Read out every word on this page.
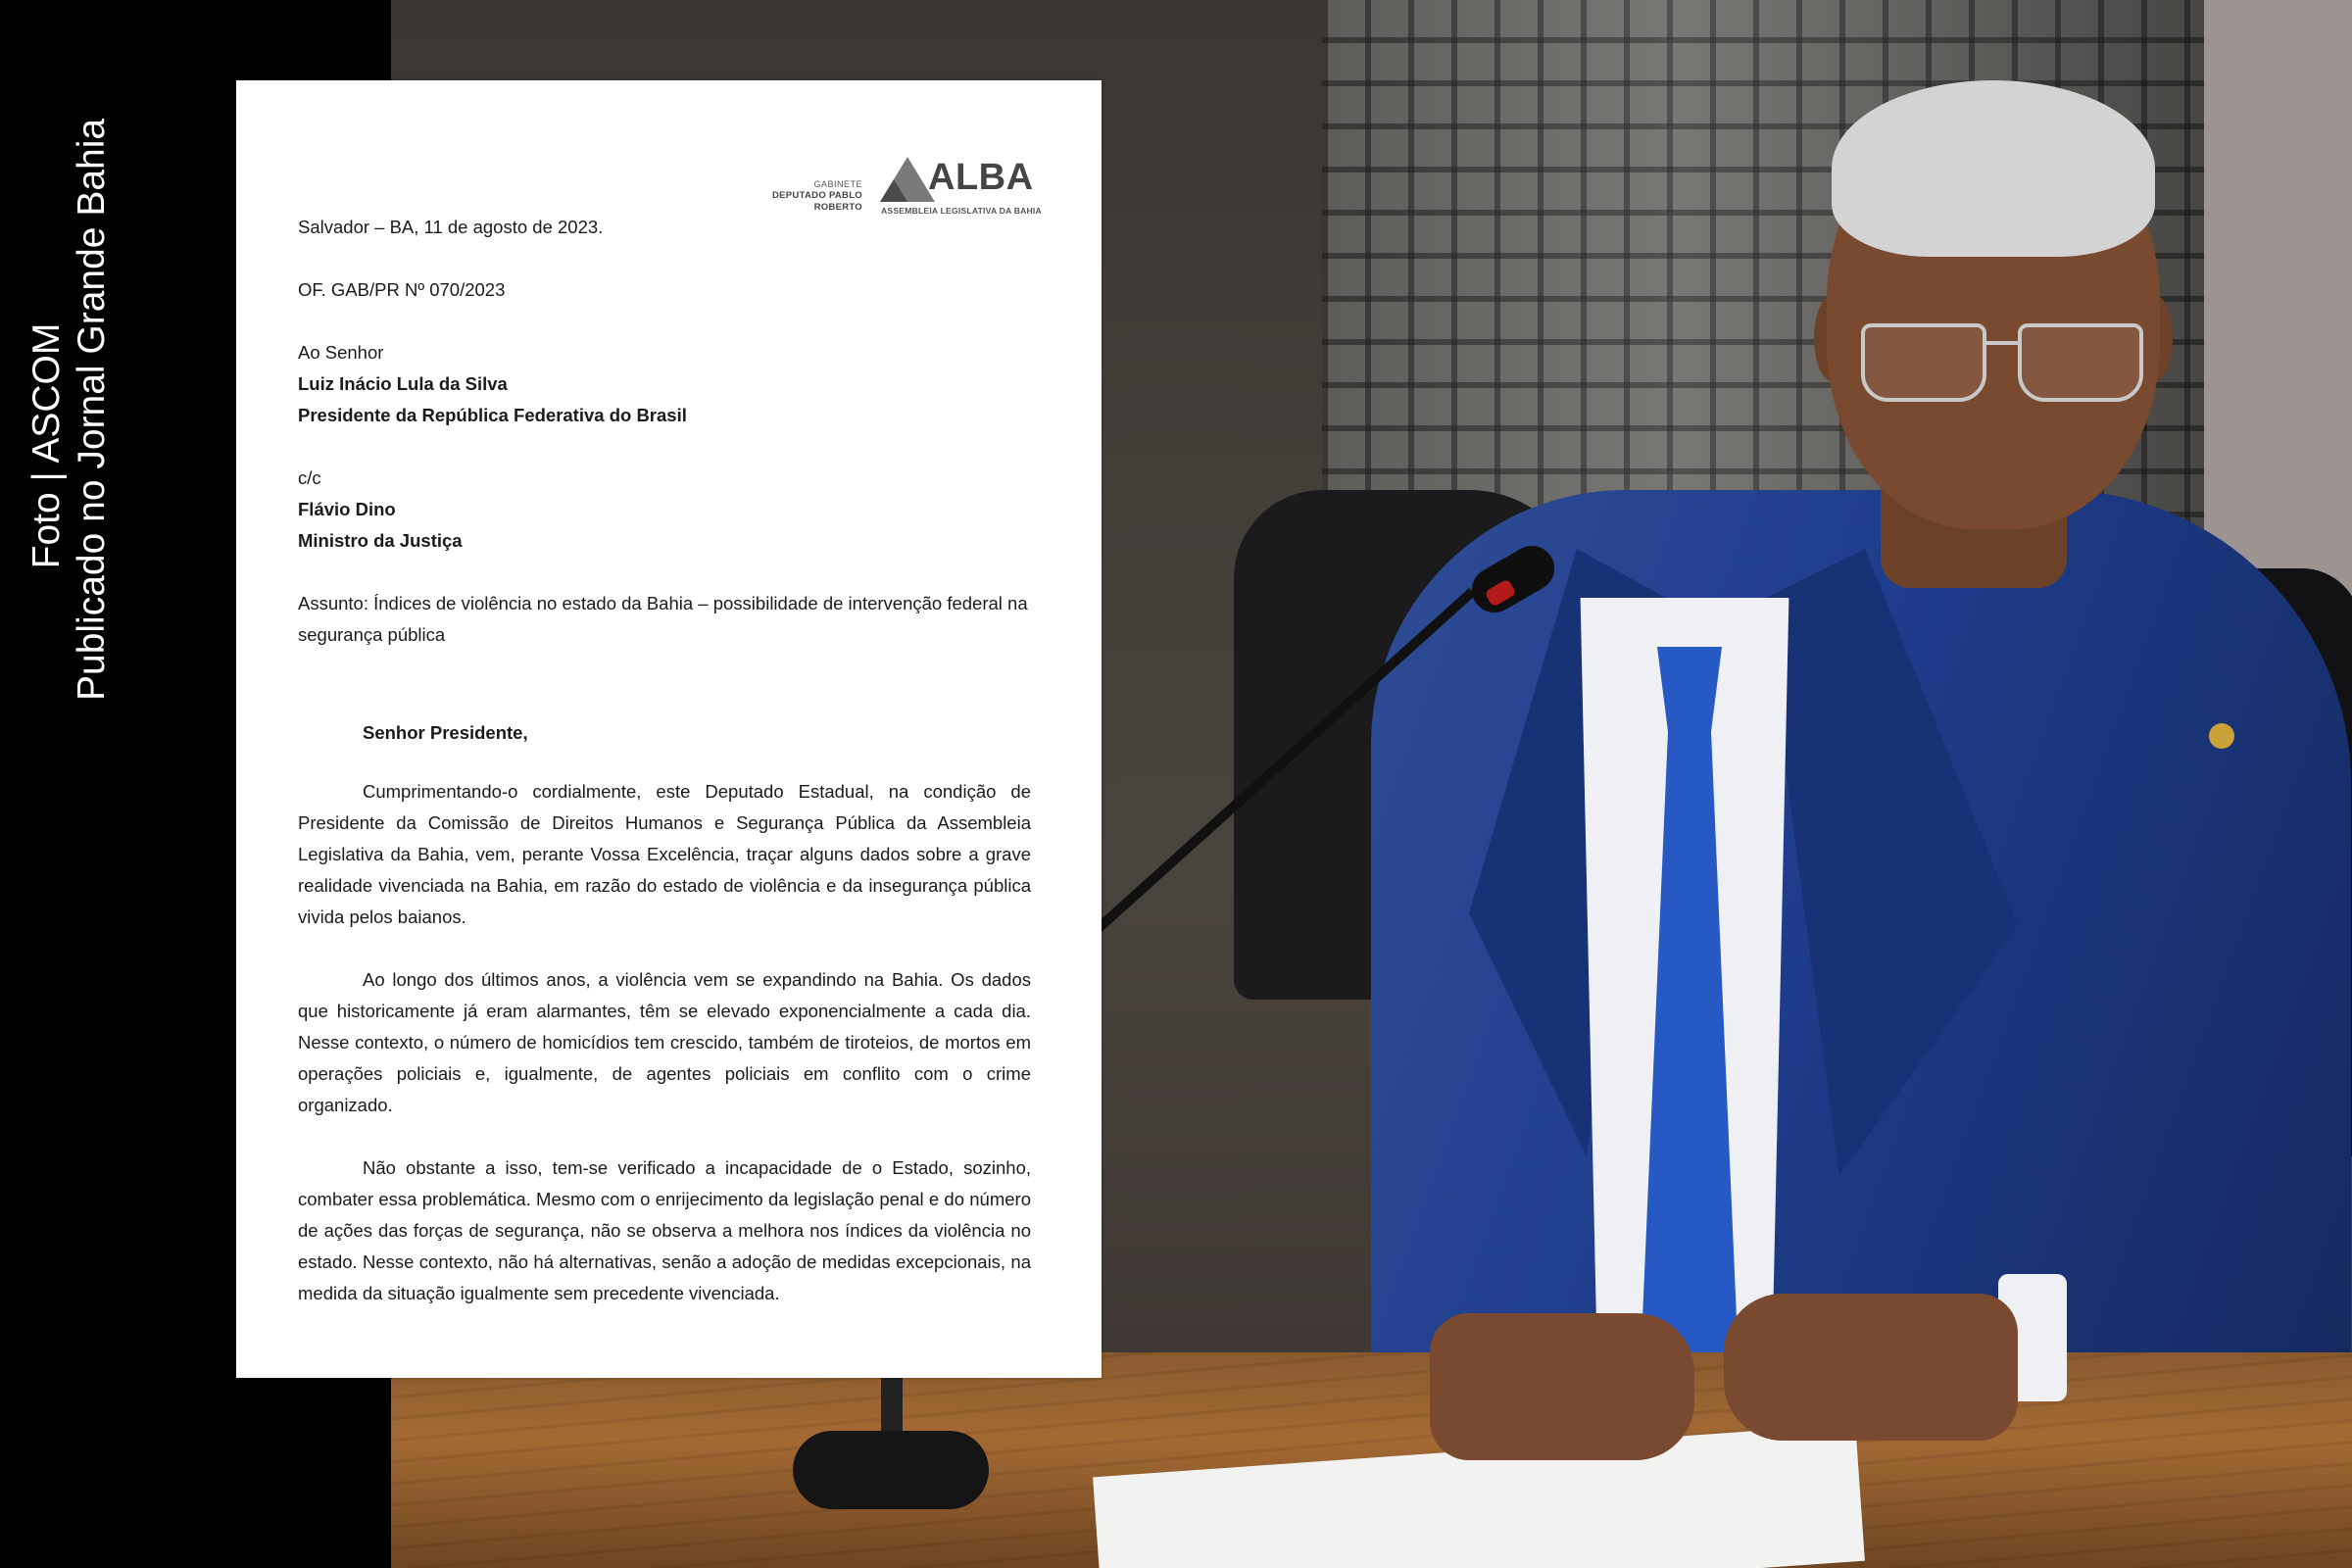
Foto | ASCOM Publicado no Jornal Grande Bahia	GABINETE
DEPUTADO PABLO ROBERTO
ALBA
ASSEMBLEIA LEGISLATIVA DA BAHIA
Salvador – BA, 11 de agosto de 2023.
OF. GAB/PR Nº 070/2023
Ao Senhor
Luiz Inácio Lula da Silva
Presidente da República Federativa do Brasil
c/c
Flávio Dino
Ministro da Justiça
Assunto: Índices de violência no estado da Bahia – possibilidade de intervenção federal na segurança pública
Senhor Presidente,
Cumprimentando-o cordialmente, este Deputado Estadual, na condição de Presidente da Comissão de Direitos Humanos e Segurança Pública da Assembleia Legislativa da Bahia, vem, perante Vossa Excelência, traçar alguns dados sobre a grave realidade vivenciada na Bahia, em razão do estado de violência e da insegurança pública vivida pelos baianos.
Ao longo dos últimos anos, a violência vem se expandindo na Bahia. Os dados que historicamente já eram alarmantes, têm se elevado exponencialmente a cada dia. Nesse contexto, o número de homicídios tem crescido, também de tiroteios, de mortos em operações policiais e, igualmente, de agentes policiais em conflito com o crime organizado.
Não obstante a isso, tem-se verificado a incapacidade de o Estado, sozinho, combater essa problemática. Mesmo com o enrijecimento da legislação penal e do número de ações das forças de segurança, não se observa a melhora nos índices da violência no estado. Nesse contexto, não há alternativas, senão a adoção de medidas excepcionais, na medida da situação igualmente sem precedente vivenciada.
